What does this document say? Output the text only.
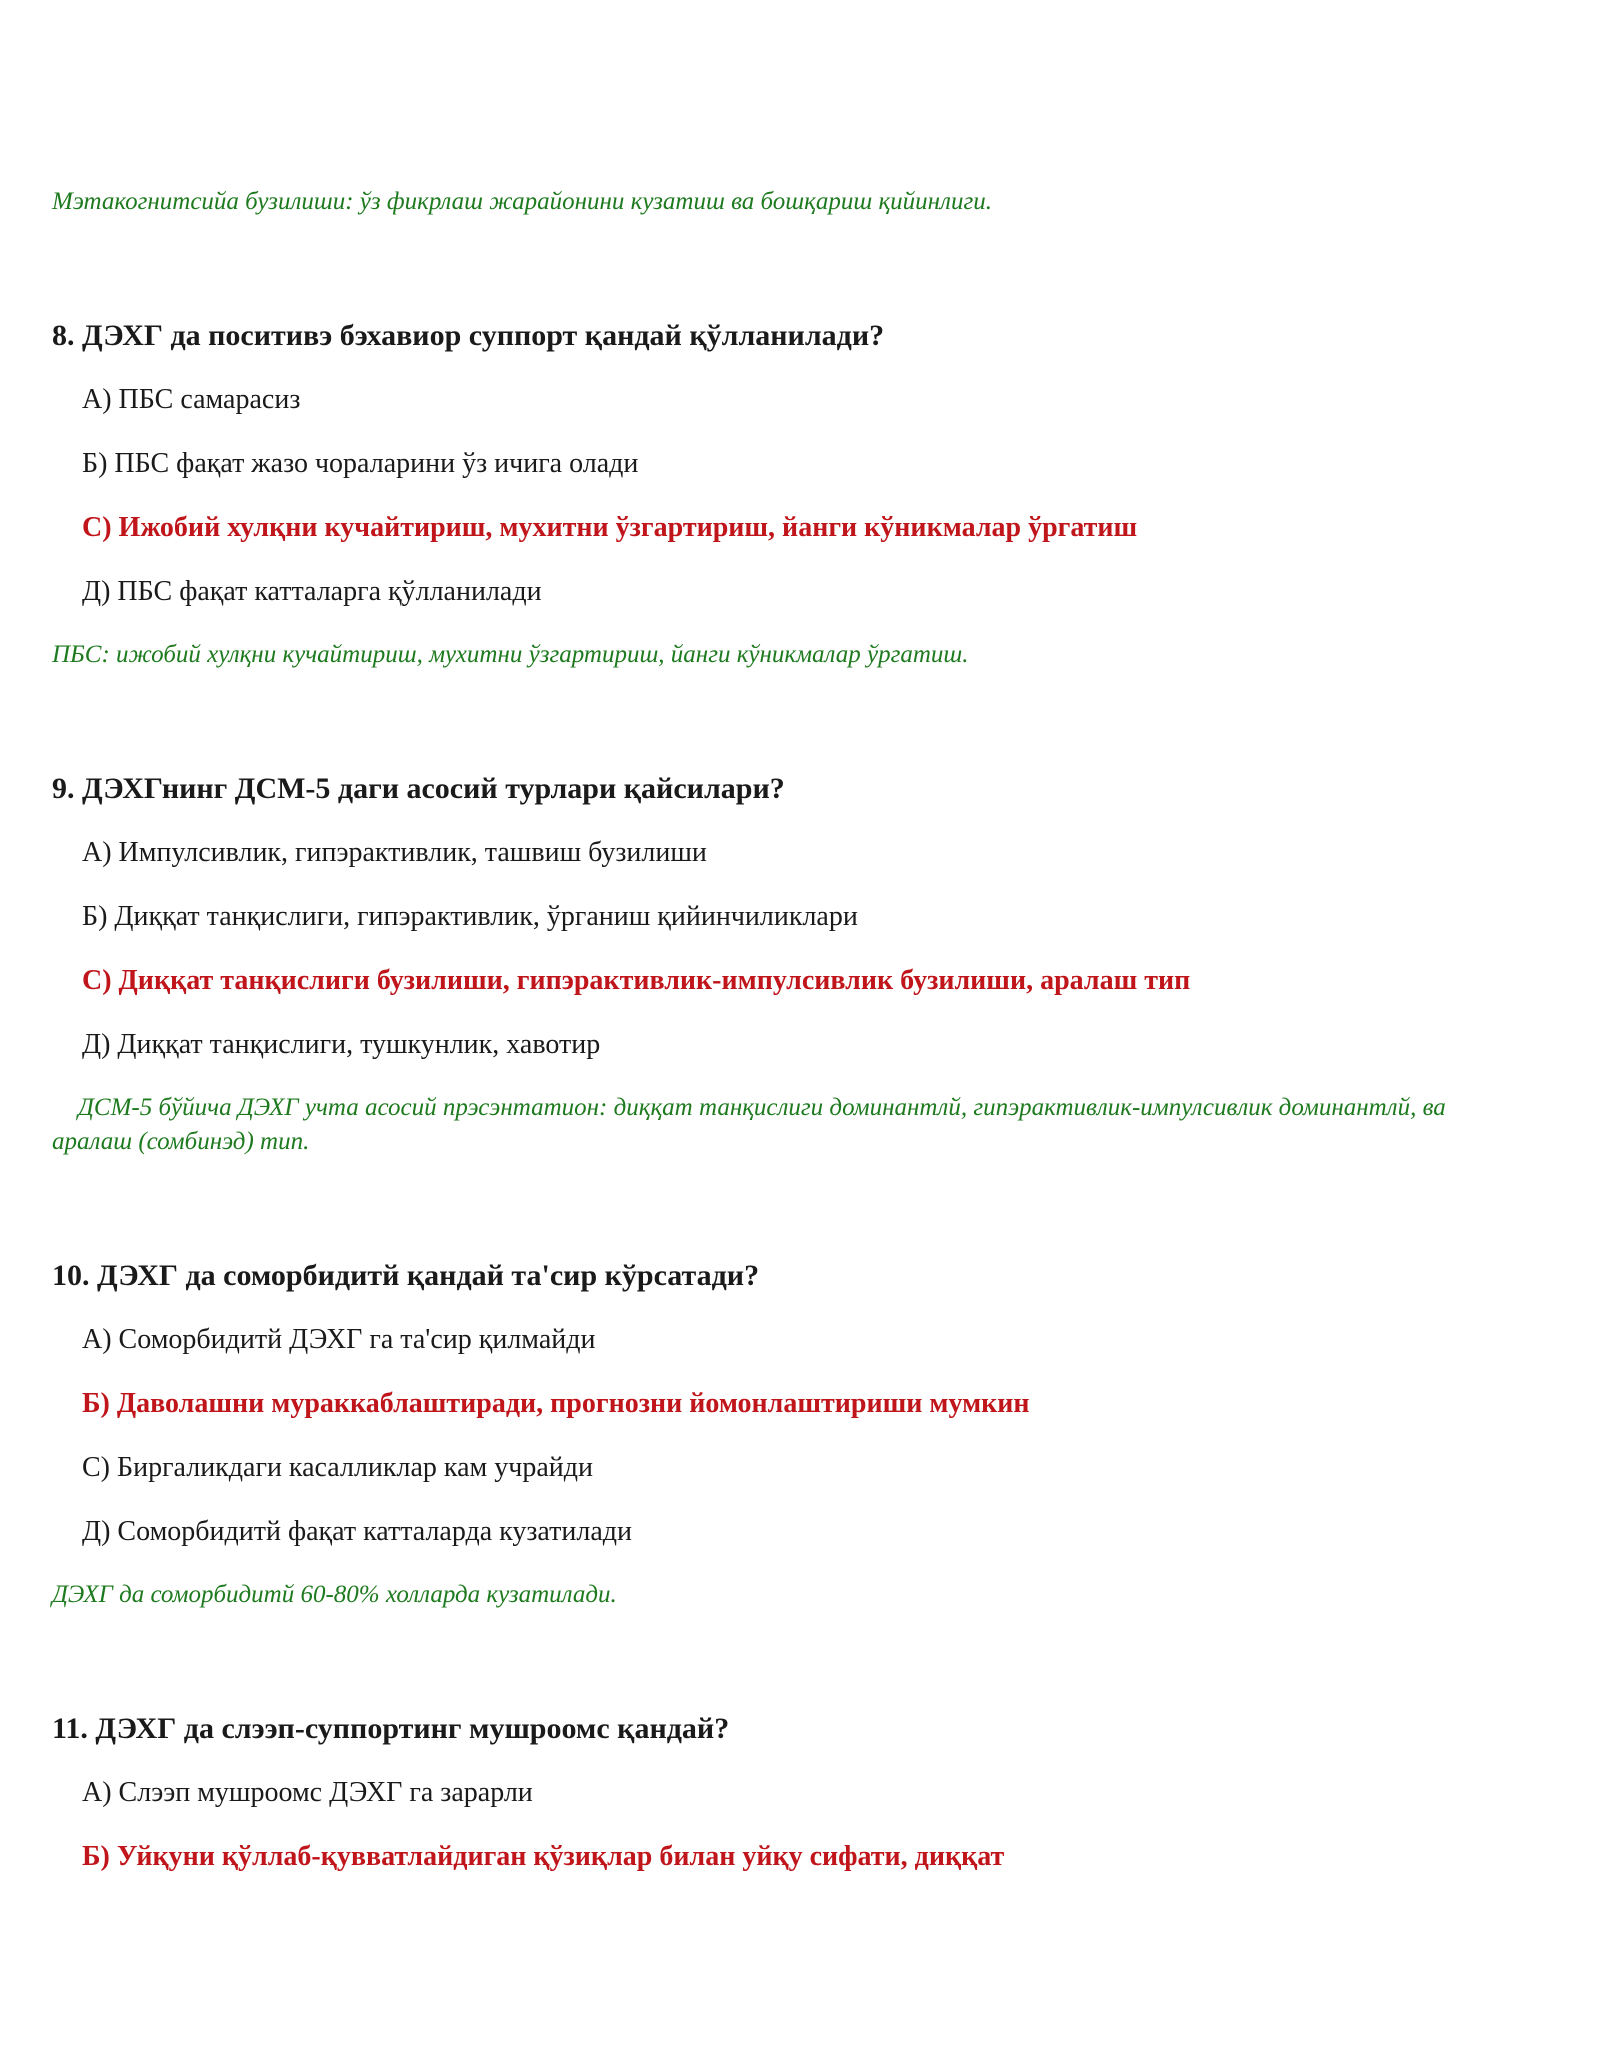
Мэтакогнитсийа бузилиши: ўз фикрлаш жарайонини кузатиш ва бошқариш қийинлиги.

8. ДЭХГ да поситивэ бэхавиор суппорт қандай қўлланилади?

А) ПБС самарасиз

Б) ПБС фақат жазо чораларини ўз ичига олади

С) Ижобий хулқни кучайтириш, мухитни ўзгартириш, йанги кўникмалар ўргатиш

Д) ПБС фақат катталарга қўлланилади

ПБС: ижобий хулқни кучайтириш, мухитни ўзгартириш, йанги кўникмалар ўргатиш.

9. ДЭХГнинг ДСМ-5 даги асосий турлари қайсилари?

А) Импулсивлик, гипэрактивлик, ташвиш бузилиши

Б) Диққат танқислиги, гипэрактивлик, ўрганиш қийинчиликлари

С) Диққат танқислиги бузилиши, гипэрактивлик-импулсивлик бузилиши, аралаш тип

Д) Диққат танқислиги, тушкунлик, хавотир

ДСМ-5 бўйича ДЭХГ учта асосий прэсэнтатион: диққат танқислиги доминантлй, гипэрактивлик-импулсивлик доминантлй, ва аралаш (сомбинэд) тип.

10. ДЭХГ да соморбидитй қандай та'сир кўрсатади?

А) Соморбидитй ДЭХГ га та'сир қилмайди

Б) Даволашни мураккаблаштиради, прогнозни йомонлаштириши мумкин

С) Биргаликдаги касалликлар кам учрайди

Д) Соморбидитй фақат катталарда кузатилади

ДЭХГ да соморбидитй 60-80% холларда кузатилади.

11. ДЭХГ да слээп-суппортинг мушроомс қандай?

А) Слээп мушроомс ДЭХГ га зарарли

Б) Уйқуни қўллаб-қувватлайдиган қўзиқлар билан уйқу сифати, диққат
